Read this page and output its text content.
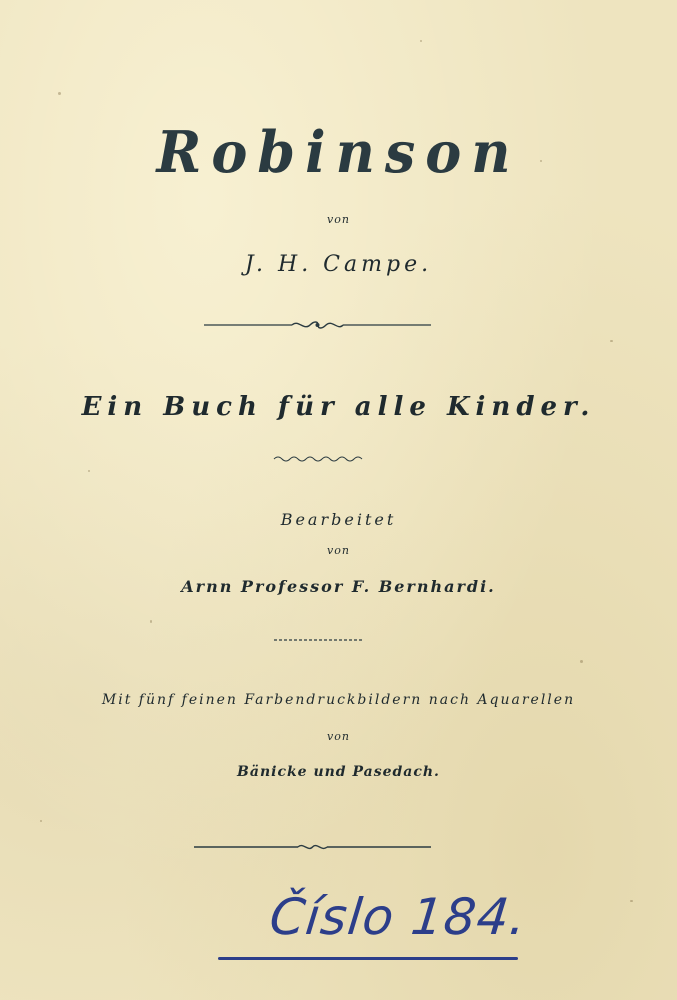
Robinson
von
J. H. Campe.
Ein Buch für alle Kinder.
Bearbeitet
von
Arnn Professor F. Bernhardi.
Mit fünf feinen Farbendruckbildern nach Aquarellen
von
Bänicke und Pasedach.
Číslo 184.
